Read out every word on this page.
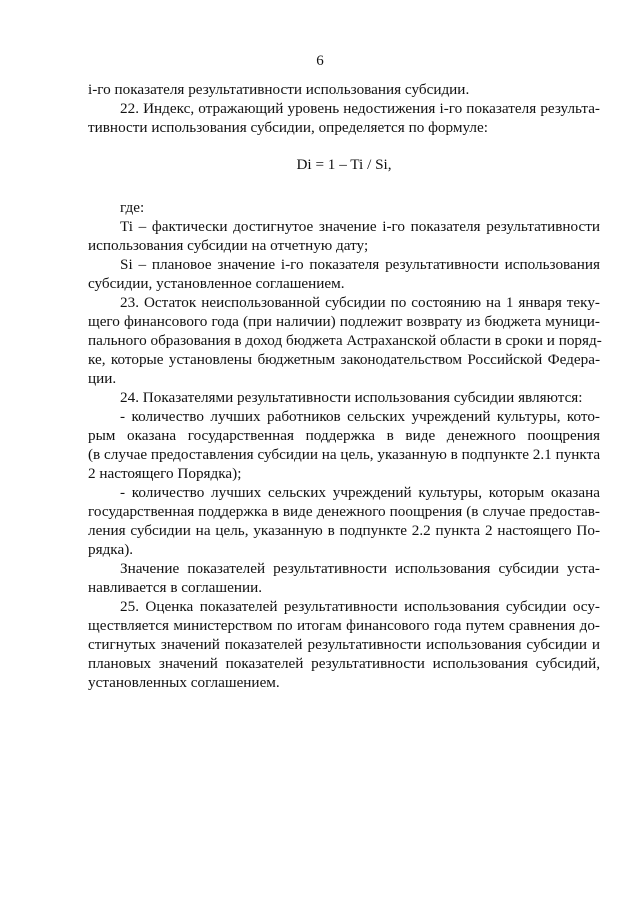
6
i-го показателя результативности использования субсидии.
22. Индекс, отражающий уровень недостижения i-го показателя результа-
тивности использования субсидии, определяется по формуле:
Di = 1 – Ti / Si,
где:
Ti – фактически достигнутое значение i-го показателя результативности
использования субсидии на отчетную дату;
Si – плановое значение i-го показателя результативности использования
субсидии, установленное соглашением.
23. Остаток неиспользованной субсидии по состоянию на 1 января теку-
щего финансового года (при наличии) подлежит возврату из бюджета муници-
пального образования в доход бюджета Астраханской области в сроки и поряд-
ке, которые установлены бюджетным законодательством Российской Федера-
ции.
24. Показателями результативности использования субсидии являются:
- количество лучших работников сельских учреждений культуры, кото-
рым оказана государственная поддержка в виде денежного поощрения
(в случае предоставления субсидии на цель, указанную в подпункте 2.1 пункта
2 настоящего Порядка);
- количество лучших сельских учреждений культуры, которым оказана
государственная поддержка в виде денежного поощрения (в случае предостав-
ления субсидии на цель, указанную в подпункте 2.2 пункта 2 настоящего По-
рядка).
Значение показателей результативности использования субсидии уста-
навливается в соглашении.
25. Оценка показателей результативности использования субсидии осу-
ществляется министерством по итогам финансового года путем сравнения до-
стигнутых значений показателей результативности использования субсидии и
плановых значений показателей результативности использования субсидий,
установленных соглашением.
